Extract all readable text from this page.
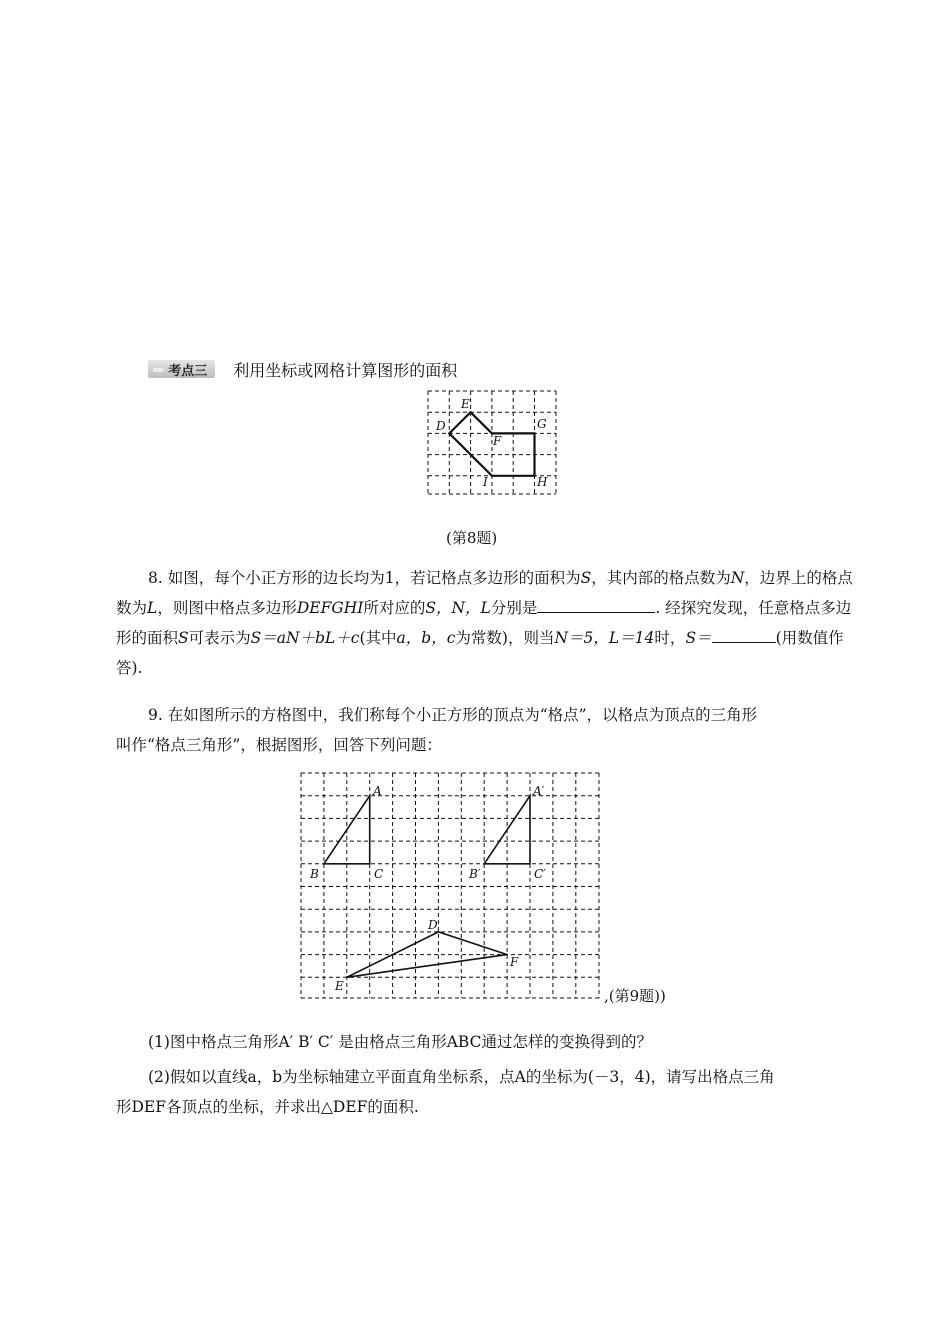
»» 考点三 利用坐标或网格计算图形的面积
D
E
F
G
H
I
(第8题)

8. 如图，每个小正方形的边长均为1，若记格点多边形的面积为S，其内部的格点数为N，边界上的格点数为L，则图中格点多边形DEFGHI所对应的S，N，L分别是	. 经探究发现，任意格点多边形的面积S可表示为S＝aN＋bL＋c(其中a，b，c为常数)，则当N＝5，L＝14时，S＝	(用数值作答).

9. 在如图所示的方格图中，我们称每个小正方形的顶点为“格点”，以格点为顶点的三角形
叫作“格点三角形”，根据图形，回答下列问题：

A
B	C
A′
B′	C′
D
E
F
,(第9题))

(1)图中格点三角形A′ B′ C′ 是由格点三角形ABC通过怎样的变换得到的？

(2)假如以直线a，b为坐标轴建立平面直角坐标系，点A的坐标为(－3，4)，请写出格点三角
形DEF各顶点的坐标，并求出△DEF的面积.
